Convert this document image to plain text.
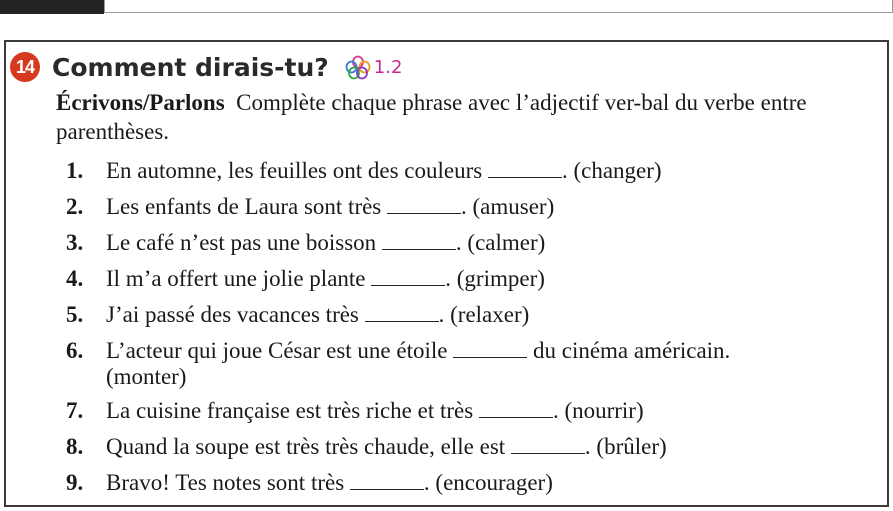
14 Comment dirais-tu?	1.2
Écrivons/Parlons Complète chaque phrase avec l’adjectif ver-bal du verbe entre parenthèses.
1. En automne, les feuilles ont des couleurs	. (changer)
2. Les enfants de Laura sont très	. (amuser)
3. Le café n’est pas une boisson	. (calmer)
4. Il m’a offert une jolie plante	. (grimper)
5. J’ai passé des vacances très	. (relaxer)
6. L’acteur qui joue César est une étoile	du cinéma américain. (monter)
7. La cuisine française est très riche et très	. (nourrir)
8. Quand la soupe est très très chaude, elle est	. (brûler)
9. Bravo! Tes notes sont très	. (encourager)
